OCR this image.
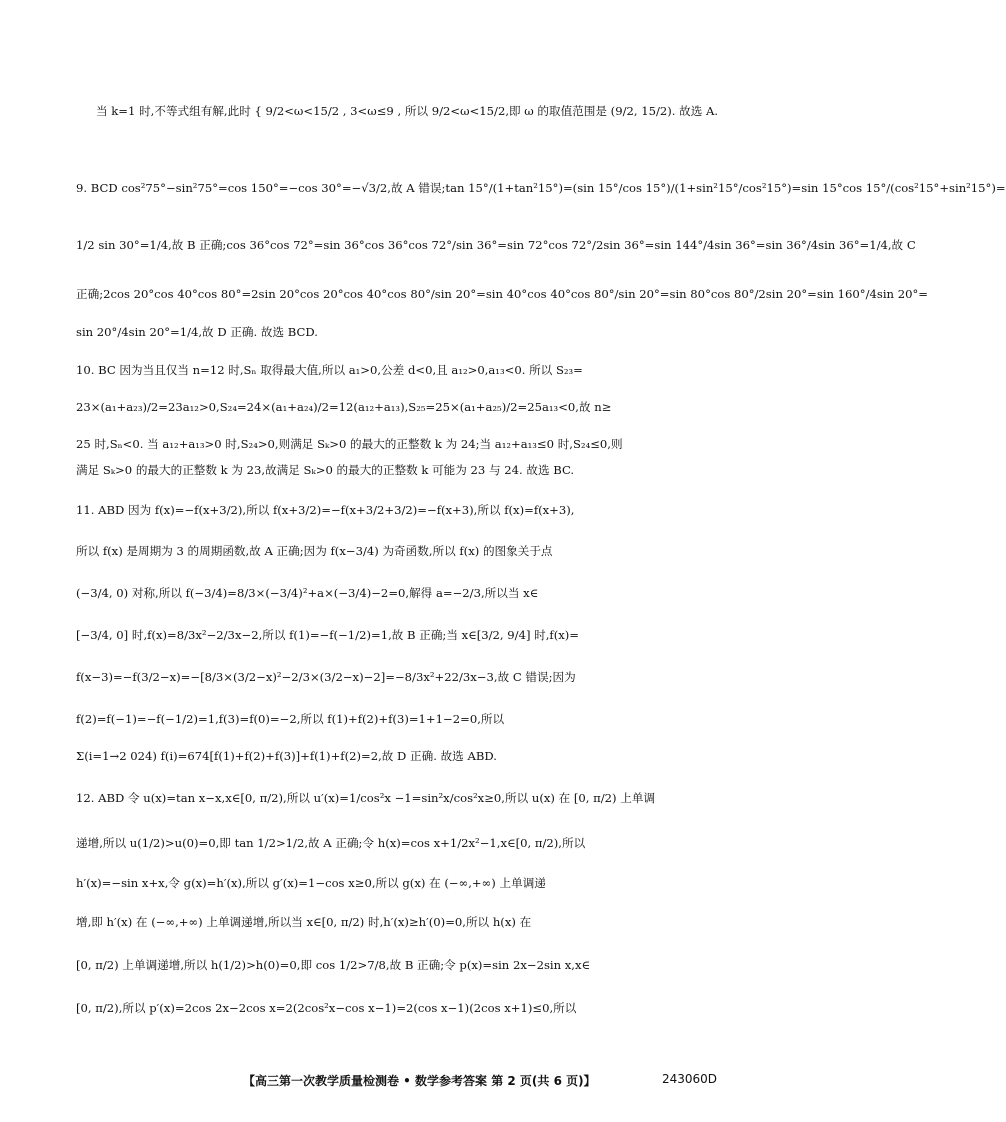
当 k=1 时,不等式组有解,此时 { 9/2<ω<15/2 , 3<ω≤9 , 所以 9/2<ω<15/2,即 ω 的取值范围是 (9/2, 15/2). 故选 A.
9. BCD cos²75°−sin²75°=cos 150°=−cos 30°=−√3/2,故 A 错误;tan 15°/(1+tan²15°)=(sin 15°/cos 15°)/(1+sin²15°/cos²15°)=sin 15°cos 15°/(cos²15°+sin²15°)=
1/2 sin 30°=1/4,故 B 正确;cos 36°cos 72°=sin 36°cos 36°cos 72°/sin 36°=sin 72°cos 72°/2sin 36°=sin 144°/4sin 36°=sin 36°/4sin 36°=1/4,故 C
正确;2cos 20°cos 40°cos 80°=2sin 20°cos 20°cos 40°cos 80°/sin 20°=sin 40°cos 40°cos 80°/sin 20°=sin 80°cos 80°/2sin 20°=sin 160°/4sin 20°=
sin 20°/4sin 20°=1/4,故 D 正确. 故选 BCD.
10. BC 因为当且仅当 n=12 时,Sₙ 取得最大值,所以 a₁>0,公差 d<0,且 a₁₂>0,a₁₃<0. 所以 S₂₃=
23×(a₁+a₂₃)/2=23a₁₂>0,S₂₄=24×(a₁+a₂₄)/2=12(a₁₂+a₁₃),S₂₅=25×(a₁+a₂₅)/2=25a₁₃<0,故 n≥
25 时,Sₙ<0. 当 a₁₂+a₁₃>0 时,S₂₄>0,则满足 Sₖ>0 的最大的正整数 k 为 24;当 a₁₂+a₁₃≤0 时,S₂₄≤0,则
满足 Sₖ>0 的最大的正整数 k 为 23,故满足 Sₖ>0 的最大的正整数 k 可能为 23 与 24. 故选 BC.
11. ABD 因为 f(x)=−f(x+3/2),所以 f(x+3/2)=−f(x+3/2+3/2)=−f(x+3),所以 f(x)=f(x+3),
所以 f(x) 是周期为 3 的周期函数,故 A 正确;因为 f(x−3/4) 为奇函数,所以 f(x) 的图象关于点
(−3/4, 0) 对称,所以 f(−3/4)=8/3×(−3/4)²+a×(−3/4)−2=0,解得 a=−2/3,所以当 x∈
[−3/4, 0] 时,f(x)=8/3x²−2/3x−2,所以 f(1)=−f(−1/2)=1,故 B 正确;当 x∈[3/2, 9/4] 时,f(x)=
f(x−3)=−f(3/2−x)=−[8/3×(3/2−x)²−2/3×(3/2−x)−2]=−8/3x²+22/3x−3,故 C 错误;因为
f(2)=f(−1)=−f(−1/2)=1,f(3)=f(0)=−2,所以 f(1)+f(2)+f(3)=1+1−2=0,所以
Σ(i=1→2 024) f(i)=674[f(1)+f(2)+f(3)]+f(1)+f(2)=2,故 D 正确. 故选 ABD.
12. ABD 令 u(x)=tan x−x,x∈[0, π/2),所以 u′(x)=1/cos²x −1=sin²x/cos²x≥0,所以 u(x) 在 [0, π/2) 上单调
递增,所以 u(1/2)>u(0)=0,即 tan 1/2>1/2,故 A 正确;令 h(x)=cos x+1/2x²−1,x∈[0, π/2),所以
h′(x)=−sin x+x,令 g(x)=h′(x),所以 g′(x)=1−cos x≥0,所以 g(x) 在 (−∞,+∞) 上单调递
增,即 h′(x) 在 (−∞,+∞) 上单调递增,所以当 x∈[0, π/2) 时,h′(x)≥h′(0)=0,所以 h(x) 在
[0, π/2) 上单调递增,所以 h(1/2)>h(0)=0,即 cos 1/2>7/8,故 B 正确;令 p(x)=sin 2x−2sin x,x∈
[0, π/2),所以 p′(x)=2cos 2x−2cos x=2(2cos²x−cos x−1)=2(cos x−1)(2cos x+1)≤0,所以
【高三第一次教学质量检测卷 • 数学参考答案 第 2 页(共 6 页)】	243060D
